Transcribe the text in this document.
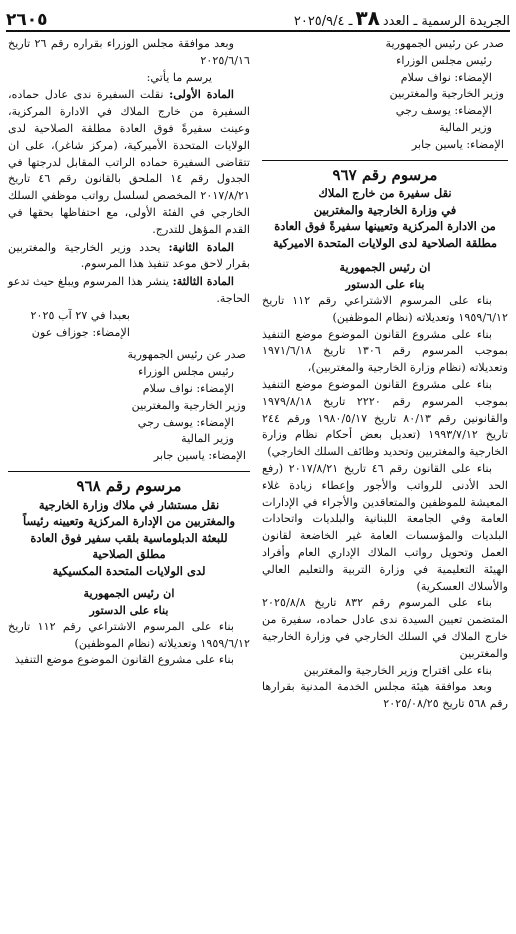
الجريدة الرسمية ـ العدد٣٨ـ ٢٠٢٥/٩/٤
٢٦٠٥

صدر عن رئيس الجمهورية

رئيس مجلس الوزراء

الإمضاء: نواف سلام

وزير الخارجية والمغتربين

الإمضاء: يوسف رجي

وزير المالية

الإمضاء: ياسين جابر

مرسوم رقم ٩٦٧
نقل سفيرة من خارج الملاك
في وزارة الخارجية والمغتربين
من الادارة المركزية وتعيينها سفيرةً فوق العادة
مطلقة الصلاحية لدى الولايات المتحدة الاميركية

ان رئيس الجمهورية

بناء على الدستور

بناء على المرسوم الاشتراعي رقم ١١٢ تاريخ ١٩٥٩/٦/١٢ وتعديلاته (نظام الموظفين)

بناء على مشروع القانون الموضوع موضع التنفيذ بموجب المرسوم رقم ١٣٠٦ تاريخ ١٩٧١/٦/١٨ وتعديلاته (نظام وزارة الخارجية والمغتربين)،

بناء على مشروع القانون الموضوع موضع التنفيذ بموجب المرسوم رقم ٢٢٢٠ تاريخ ١٩٧٩/٨/١٨ والقانونين رقم ٨٠/١٣ تاريخ ١٩٨٠/٥/١٧ ورقم ٢٤٤ تاريخ ١٩٩٣/٧/١٢ (تعديل بعض أحكام نظام وزارة الخارجية والمغتربين وتحديد وظائف السلك الخارجي)

بناء على القانون رقم ٤٦ تاريخ ٢٠١٧/٨/٢١ (رفع الحد الأدنى للرواتب والأجور وإعطاء زيادة غلاء المعيشة للموظفين والمتعاقدين والأجراء في الإدارات العامة وفي الجامعة اللبنانية والبلديات واتحادات البلديات والمؤسسات العامة غير الخاضعة لقانون العمل وتحويل رواتب الملاك الإداري العام وأفراد الهيئة التعليمية في وزارة التربية والتعليم العالي والأسلاك العسكرية)

بناء على المرسوم رقم ٨٣٢ تاريخ ٢٠٢٥/٨/٨ المتضمن تعيين السيدة ندى عادل حماده، سفيرة من خارج الملاك في السلك الخارجي في وزارة الخارجية والمغتربين

بناء على اقتراح وزير الخارجية والمغتربين

وبعد موافقة هيئة مجلس الخدمة المدنية بقرارها رقم ٥٦٨ تاريخ ٢٠٢٥/٠٨/٢٥

وبعد موافقة مجلس الوزراء بقراره رقم ٢٦ تاريخ ٢٠٢٥/٦/١٦

يرسم ما يأتي:

المادة الأولى: نقلت السفيرة ندى عادل حماده، السفيرة من خارج الملاك في الادارة المركزية، وعينت سفيرةً فوق العادة مطلقة الصلاحية لدى الولايات المتحدة الأميركية، (مركز شاغر)، على ان تتقاضى السفيرة حماده الراتب المقابل لدرجتها في الجدول رقم ١٤ الملحق بالقانون رقم ٤٦ تاريخ ٢٠١٧/٨/٢١ المخصص لسلسل رواتب موظفي السلك الخارجي في الفئة الأولى، مع احتفاظها بحقها في القدم المؤهل للتدرج.

المادة الثانية: يحدد وزير الخارجية والمغتربين بقرار لاحق موعد تنفيذ هذا المرسوم.

المادة الثالثة: ينشر هذا المرسوم ويبلغ حيث تدعو الحاجة.

بعبدا في ٢٧ آب ٢٠٢٥

الإمضاء: جوزاف عون

صدر عن رئيس الجمهورية

رئيس مجلس الوزراء

الإمضاء: نواف سلام

وزير الخارجية والمغتربين

الإمضاء: يوسف رجي

وزير المالية

الإمضاء: ياسين جابر

مرسوم رقم ٩٦٨
نقل مستشار في ملاك وزارة الخارجية
والمغتربين من الإدارة المركزية وتعيينه رئيساً
للبعثة الدبلوماسية بلقب سفير فوق العادة
مطلق الصلاحية
لدى الولايات المتحدة المكسيكية

ان رئيس الجمهورية

بناء على الدستور

بناء على المرسوم الاشتراعي رقم ١١٢ تاريخ ١٩٥٩/٦/١٢ وتعديلاته (نظام الموظفين)

بناء على مشروع القانون الموضوع موضع التنفيذ
